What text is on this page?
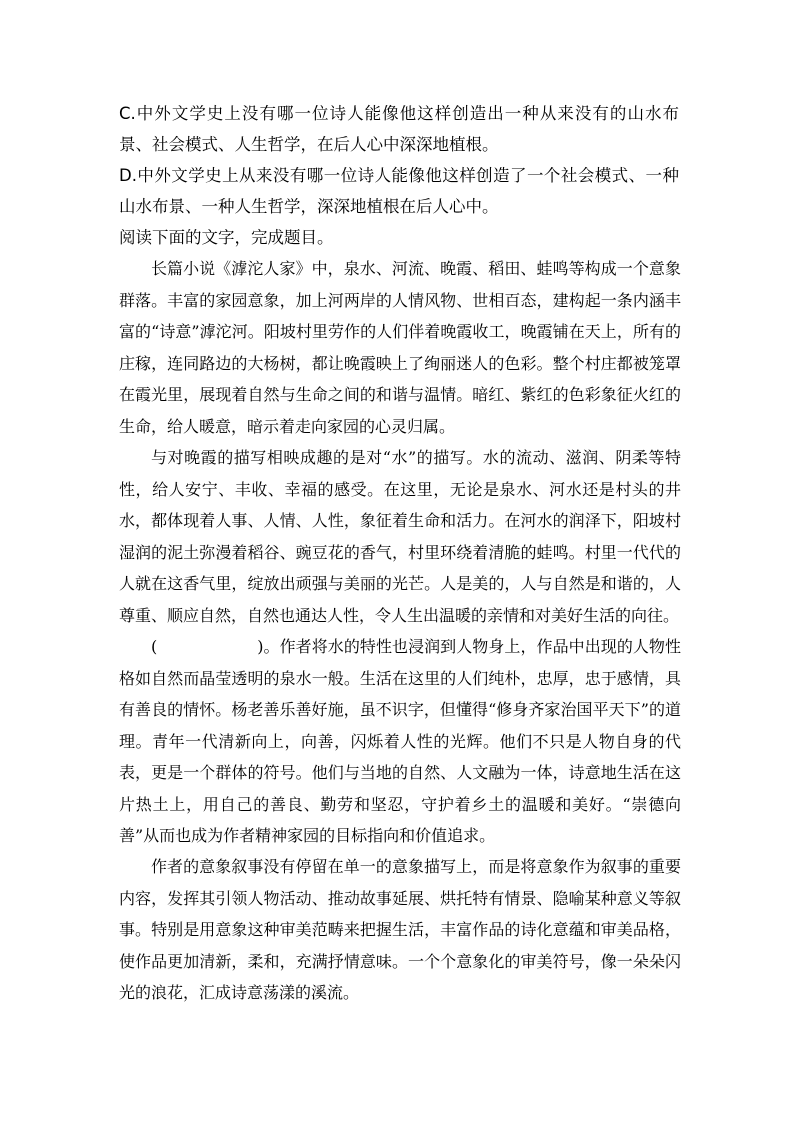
C.中外文学史上没有哪一位诗人能像他这样创造出一种从来没有的山水布景、社会模式、人生哲学，在后人心中深深地植根。

D.中外文学史上从来没有哪一位诗人能像他这样创造了一个社会模式、一种山水布景、一种人生哲学，深深地植根在后人心中。

阅读下面的文字，完成题目。

长篇小说《滹沱人家》中，泉水、河流、晚霞、稻田、蛙鸣等构成一个意象群落。丰富的家园意象，加上河两岸的人情风物、世相百态，建构起一条内涵丰富的“诗意”滹沱河。阳坡村里劳作的人们伴着晚霞收工，晚霞铺在天上，所有的庄稼，连同路边的大杨树，都让晚霞映上了绚丽迷人的色彩。整个村庄都被笼罩在霞光里，展现着自然与生命之间的和谐与温情。暗红、紫红的色彩象征火红的生命，给人暖意，暗示着走向家园的心灵归属。

与对晚霞的描写相映成趣的是对“水”的描写。水的流动、滋润、阴柔等特性，给人安宁、丰收、幸福的感受。在这里，无论是泉水、河水还是村头的井水，都体现着人事、人情、人性，象征着生命和活力。在河水的润泽下，阳坡村湿润的泥土弥漫着稻谷、豌豆花的香气，村里环绕着清脆的蛙鸣。村里一代代的人就在这香气里，绽放出顽强与美丽的光芒。人是美的，人与自然是和谐的，人尊重、顺应自然，自然也通达人性，令人生出温暖的亲情和对美好生活的向往。

(	)。作者将水的特性也浸润到人物身上，作品中出现的人物性格如自然而晶莹透明的泉水一般。生活在这里的人们纯朴，忠厚，忠于感情，具有善良的情怀。杨老善乐善好施，虽不识字，但懂得“修身齐家治国平天下”的道理。青年一代清新向上，向善，闪烁着人性的光辉。他们不只是人物自身的代表，更是一个群体的符号。他们与当地的自然、人文融为一体，诗意地生活在这片热土上，用自己的善良、勤劳和坚忍，守护着乡土的温暖和美好。“崇德向善”从而也成为作者精神家园的目标指向和价值追求。

作者的意象叙事没有停留在单一的意象描写上，而是将意象作为叙事的重要内容，发挥其引领人物活动、推动故事延展、烘托特有情景、隐喻某种意义等叙事。特别是用意象这种审美范畴来把握生活，丰富作品的诗化意蕴和审美品格，使作品更加清新，柔和，充满抒情意味。一个个意象化的审美符号，像一朵朵闪光的浪花，汇成诗意荡漾的溪流。
